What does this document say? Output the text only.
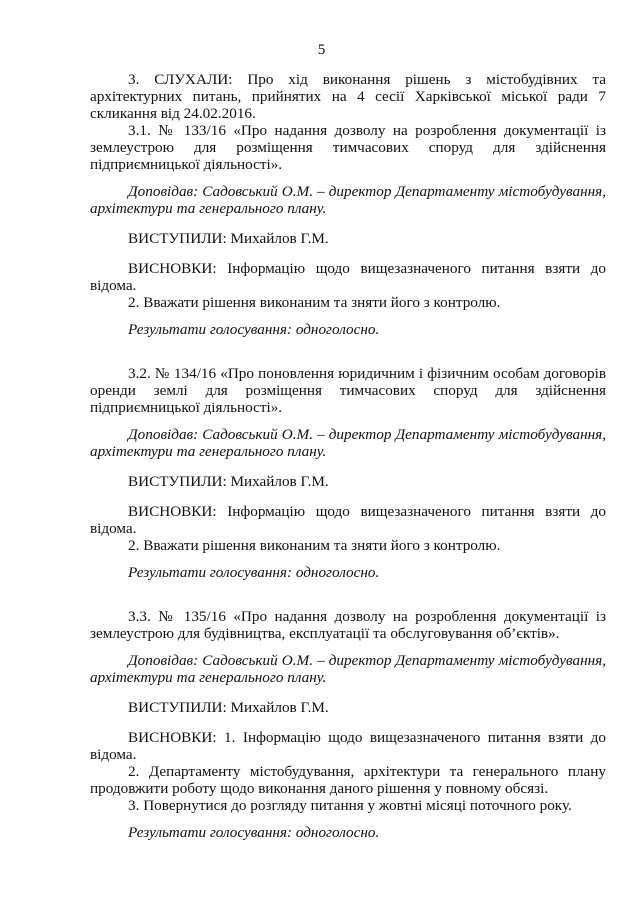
5
3. СЛУХАЛИ: Про хід виконання рішень з містобудівних та архітектурних питань, прийнятих на 4 сесії Харківської міської ради 7 скликання від 24.02.2016.
3.1. № 133/16 «Про надання дозволу на розроблення документації із землеустрою для розміщення тимчасових споруд для здійснення підприємницької діяльності».
Доповідав: Садовський О.М. – директор Департаменту містобудування, архітектури та генерального плану.
ВИСТУПИЛИ: Михайлов Г.М.
ВИСНОВКИ: Інформацію щодо вищезазначеного питання взяти до відома.
2. Вважати рішення виконаним та зняти його з контролю.
Результати голосування: одноголосно.
3.2. № 134/16 «Про поновлення юридичним і фізичним особам договорів оренди землі для розміщення тимчасових споруд для здійснення підприємницької діяльності».
Доповідав: Садовський О.М. – директор Департаменту містобудування, архітектури та генерального плану.
ВИСТУПИЛИ: Михайлов Г.М.
ВИСНОВКИ: Інформацію щодо вищезазначеного питання взяти до відома.
2. Вважати рішення виконаним та зняти його з контролю.
Результати голосування: одноголосно.
3.3. № 135/16 «Про надання дозволу на розроблення документації із землеустрою для будівництва, експлуатації та обслуговування об’єктів».
Доповідав: Садовський О.М. – директор Департаменту містобудування, архітектури та генерального плану.
ВИСТУПИЛИ: Михайлов Г.М.
ВИСНОВКИ: 1. Інформацію щодо вищезазначеного питання взяти до відома.
2. Департаменту містобудування, архітектури та генерального плану продовжити роботу щодо виконання даного рішення у повному обсязі.
3. Повернутися до розгляду питання у жовтні місяці поточного року.
Результати голосування: одноголосно.
